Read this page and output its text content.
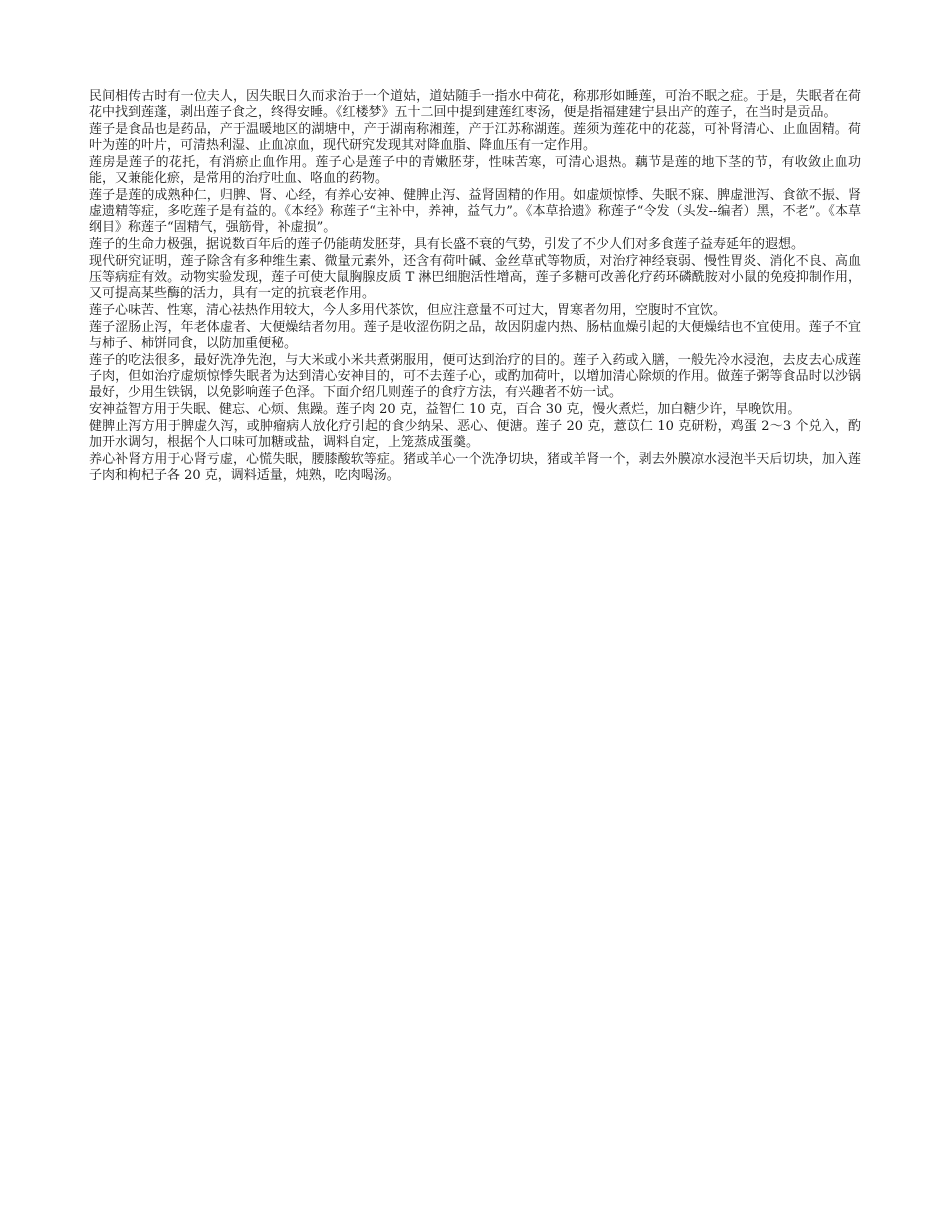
民间相传古时有一位夫人，因失眠日久而求治于一个道姑，道姑随手一指水中荷花，称那形如睡莲，可治不眠之症。于是，失眠者在荷花中找到莲蓬，剥出莲子食之，终得安睡。《红楼梦》五十二回中提到建莲红枣汤，便是指福建建宁县出产的莲子，在当时是贡品。

莲子是食品也是药品，产于温暖地区的湖塘中，产于湖南称湘莲，产于江苏称湖莲。莲须为莲花中的花蕊，可补肾清心、止血固精。荷叶为莲的叶片，可清热利湿、止血凉血，现代研究发现其对降血脂、降血压有一定作用。

莲房是莲子的花托，有消瘀止血作用。莲子心是莲子中的青嫩胚芽，性味苦寒，可清心退热。藕节是莲的地下茎的节，有收敛止血功能，又兼能化瘀，是常用的治疗吐血、咯血的药物。

莲子是莲的成熟种仁，归脾、肾、心经，有养心安神、健脾止泻、益肾固精的作用。如虚烦惊悸、失眠不寐、脾虚泄泻、食欲不振、肾虚遗精等症，多吃莲子是有益的。《本经》称莲子“主补中，养神，益气力”。《本草拾遗》称莲子“令发（头发--编者）黑，不老”。《本草纲目》称莲子“固精气，强筋骨，补虚损”。

莲子的生命力极强，据说数百年后的莲子仍能萌发胚芽，具有长盛不衰的气势，引发了不少人们对多食莲子益寿延年的遐想。

现代研究证明，莲子除含有多种维生素、微量元素外，还含有荷叶碱、金丝草甙等物质，对治疗神经衰弱、慢性胃炎、消化不良、高血压等病症有效。动物实验发现，莲子可使大鼠胸腺皮质 T 淋巴细胞活性增高，莲子多糖可改善化疗药环磷酰胺对小鼠的免疫抑制作用，又可提高某些酶的活力，具有一定的抗衰老作用。

莲子心味苦、性寒，清心祛热作用较大，今人多用代茶饮，但应注意量不可过大，胃寒者勿用，空腹时不宜饮。

莲子涩肠止泻，年老体虚者、大便燥结者勿用。莲子是收涩伤阴之品，故因阴虚内热、肠枯血燥引起的大便燥结也不宜使用。莲子不宜与柿子、柿饼同食，以防加重便秘。

莲子的吃法很多，最好洗净先泡，与大米或小米共煮粥服用，便可达到治疗的目的。莲子入药或入膳，一般先冷水浸泡，去皮去心成莲子肉，但如治疗虚烦惊悸失眠者为达到清心安神目的，可不去莲子心，或酌加荷叶，以增加清心除烦的作用。做莲子粥等食品时以沙锅最好，少用生铁锅，以免影响莲子色泽。下面介绍几则莲子的食疗方法，有兴趣者不妨一试。

安神益智方用于失眠、健忘、心烦、焦躁。莲子肉 20 克，益智仁 10 克，百合 30 克，慢火煮烂，加白糖少许，早晚饮用。

健脾止泻方用于脾虚久泻，或肿瘤病人放化疗引起的食少纳呆、恶心、便溏。莲子 20 克，薏苡仁 10 克研粉，鸡蛋 2～3 个兑入，酌加开水调匀，根据个人口味可加糖或盐，调料自定，上笼蒸成蛋羹。

养心补肾方用于心肾亏虚，心慌失眠，腰膝酸软等症。猪或羊心一个洗净切块，猪或羊肾一个，剥去外膜凉水浸泡半天后切块，加入莲子肉和枸杞子各 20 克，调料适量，炖熟，吃肉喝汤。
